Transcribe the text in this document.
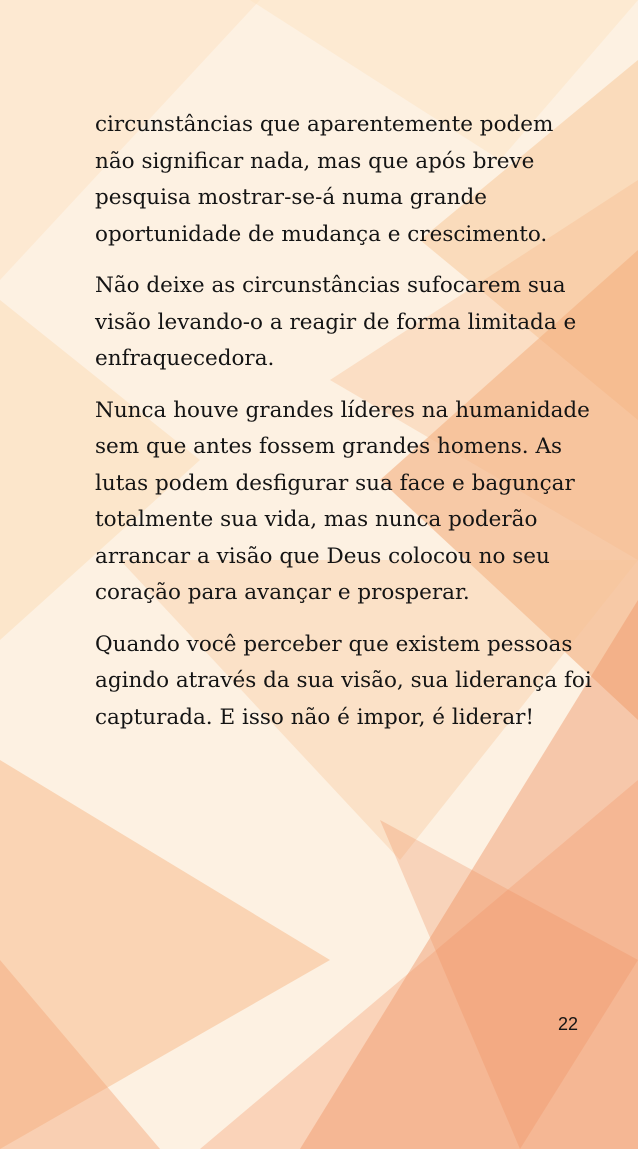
circunstâncias que aparentemente podem não significar nada, mas que após breve pesquisa mostrar-se-á numa grande oportunidade de mudança e crescimento.

Não deixe as circunstâncias sufocarem sua visão levando-o a reagir de forma limitada e enfraquecedora.

Nunca houve grandes líderes na humanidade sem que antes fossem grandes homens. As lutas podem desfigurar sua face e bagunçar totalmente sua vida, mas nunca poderão arrancar a visão que Deus colocou no seu coração para avançar e prosperar.

Quando você perceber que existem pessoas agindo através da sua visão, sua liderança foi capturada. E isso não é impor, é liderar!

22
